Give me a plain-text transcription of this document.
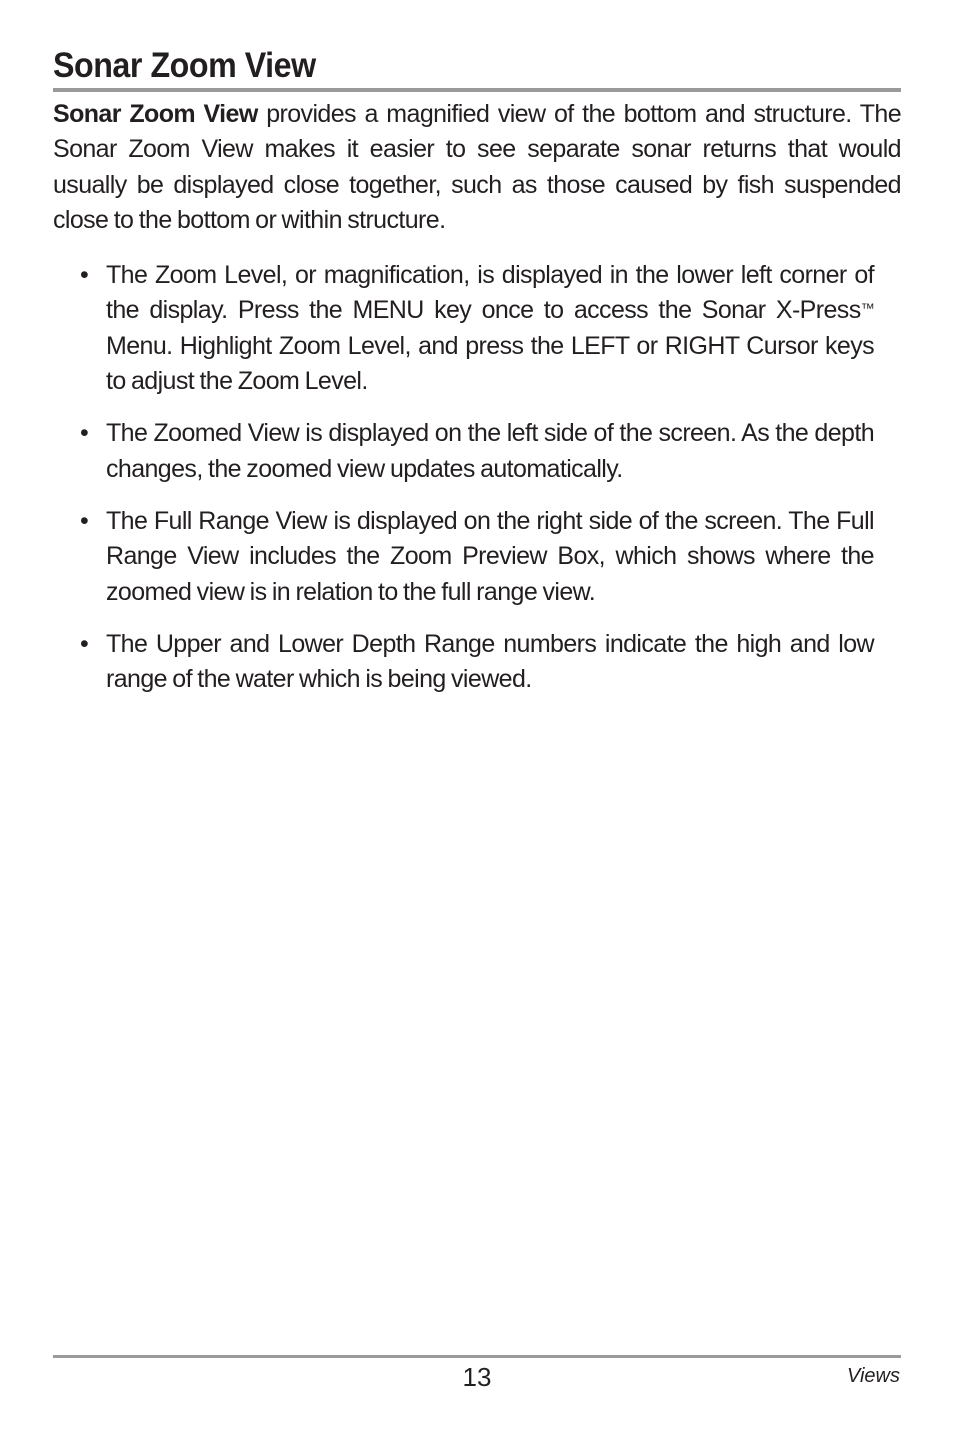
Sonar Zoom View

Sonar Zoom View provides a magnified view of the bottom and structure. The Sonar Zoom View makes it easier to see separate sonar returns that would usually be displayed close together, such as those caused by fish suspended close to the bottom or within structure.

• The Zoom Level, or magnification, is displayed in the lower left corner of the display. Press the MENU key once to access the Sonar X-Press™ Menu. Highlight Zoom Level, and press the LEFT or RIGHT Cursor keys to adjust the Zoom Level.
• The Zoomed View is displayed on the left side of the screen. As the depth changes, the zoomed view updates automatically.
• The Full Range View is displayed on the right side of the screen. The Full Range View includes the Zoom Preview Box, which shows where the zoomed view is in relation to the full range view.
• The Upper and Lower Depth Range numbers indicate the high and low range of the water which is being viewed.
13	Views
